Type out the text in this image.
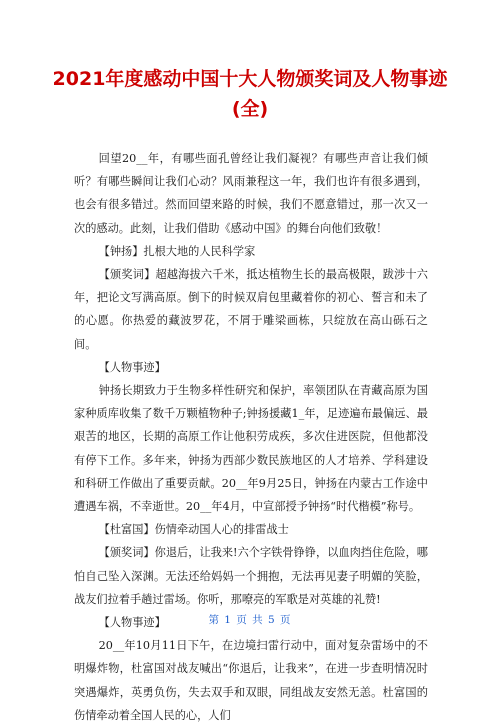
2021年度感动中国十大人物颁奖词及人物事迹
(全)

回望20__年，有哪些面孔曾经让我们凝视？有哪些声音让我们倾听？有哪些瞬间让我们心动？风雨兼程这一年，我们也许有很多遇到，也会有很多错过。然而回望来路的时候，我们不愿意错过，那一次又一次的感动。此刻，让我们借助《感动中国》的舞台向他们致敬！

【钟扬】扎根大地的人民科学家

【颁奖词】超越海拔六千米，抵达植物生长的最高极限，跋涉十六年，把论文写满高原。倒下的时候双肩包里藏着你的初心、誓言和未了的心愿。你热爱的藏波罗花，不屑于雕梁画栋，只绽放在高山砾石之间。

【人物事迹】

钟扬长期致力于生物多样性研究和保护，率领团队在青藏高原为国家种质库收集了数千万颗植物种子;钟扬援藏1_年，足迹遍布最偏远、最艰苦的地区，长期的高原工作让他积劳成疾，多次住进医院，但他都没有停下工作。多年来，钟扬为西部少数民族地区的人才培养、学科建设和科研工作做出了重要贡献。20__年9月25日，钟扬在内蒙古工作途中遭遇车祸，不幸逝世。20__年4月，中宣部授予钟扬“时代楷模”称号。

【杜富国】伤情牵动国人心的排雷战士

【颁奖词】你退后，让我来!六个字铁骨铮铮，以血肉挡住危险，哪怕自己坠入深渊。无法还给妈妈一个拥抱，无法再见妻子明媚的笑脸，战友们拉着手趟过雷场。你听，那嘹亮的军歌是对英雄的礼赞!

【人物事迹】

20__年10月11日下午，在边境扫雷行动中，面对复杂雷场中的不明爆炸物，杜富国对战友喊出“你退后，让我来”，在进一步查明情况时突遇爆炸，英勇负伤，失去双手和双眼，同组战友安然无恙。杜富国的伤情牵动着全国人民的心，人们

第 1 页 共 5 页
